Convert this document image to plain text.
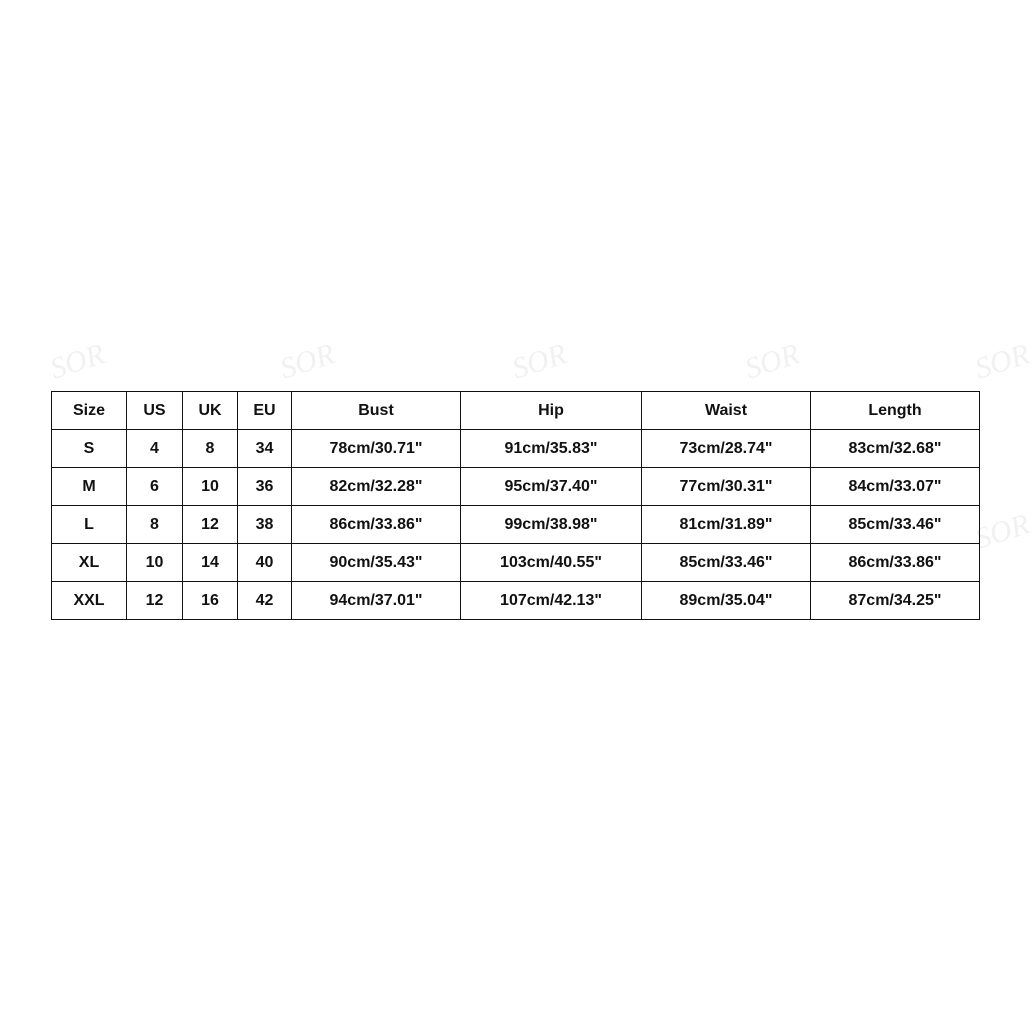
SOR	SOR	SOR	SOR	SOR
SOR
Size	US	UK	EU	Bust	Hip	Waist	Length
S	4	8	34	78cm/30.71"	91cm/35.83"	73cm/28.74"	83cm/32.68"
M	6	10	36	82cm/32.28"	95cm/37.40"	77cm/30.31"	84cm/33.07"
L	8	12	38	86cm/33.86"	99cm/38.98"	81cm/31.89"	85cm/33.46"
XL	10	14	40	90cm/35.43"	103cm/40.55"	85cm/33.46"	86cm/33.86"
XXL	12	16	42	94cm/37.01"	107cm/42.13"	89cm/35.04"	87cm/34.25"
